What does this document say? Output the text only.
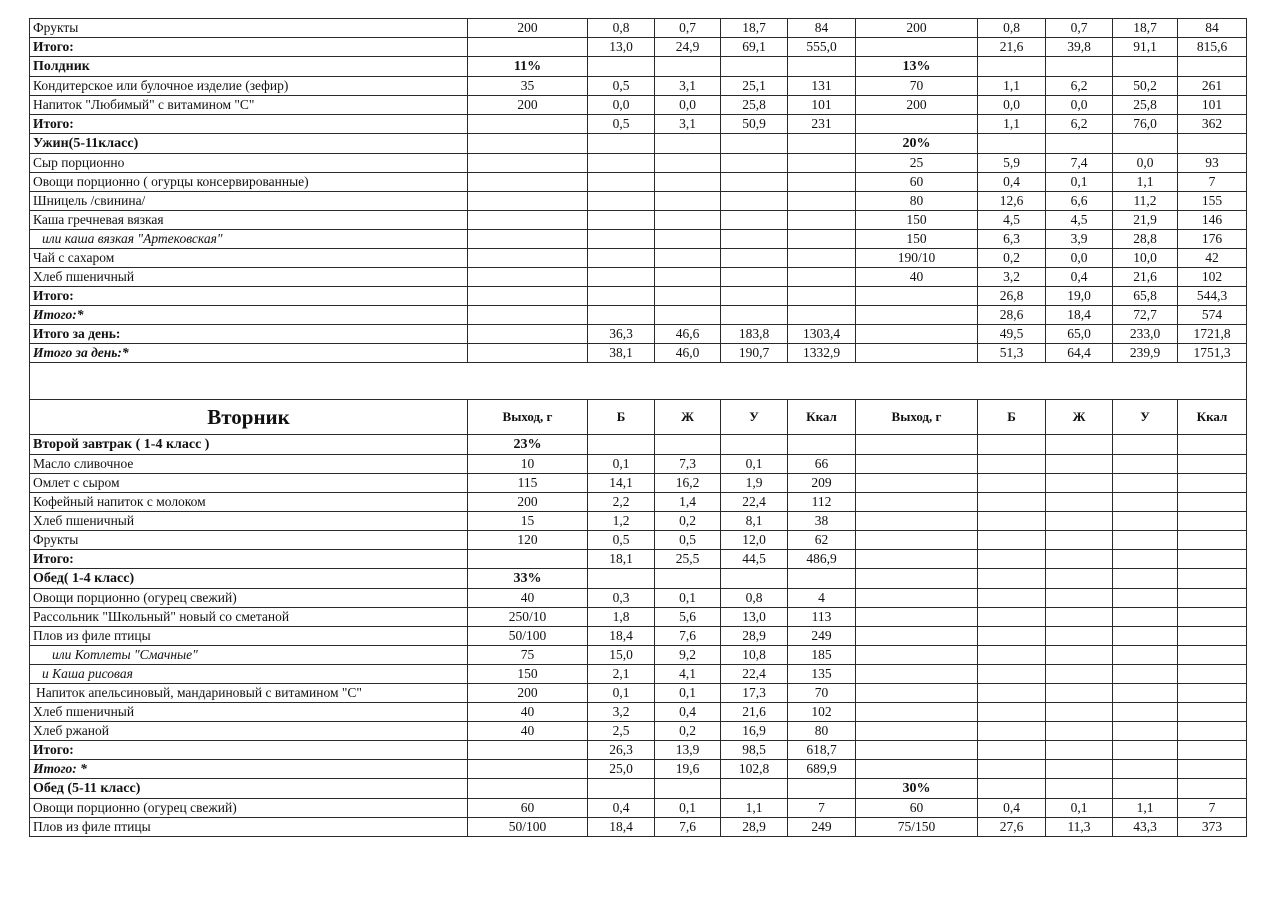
Фрукты	200	0,8	0,7	18,7	84	200	0,8	0,7	18,7	84
Итого:		13,0	24,9	69,1	555,0		21,6	39,8	91,1	815,6
Полдник	11%					13%				
Кондитерское или булочное изделие (зефир)	35	0,5	3,1	25,1	131	70	1,1	6,2	50,2	261
Напиток "Любимый" с витамином "С"	200	0,0	0,0	25,8	101	200	0,0	0,0	25,8	101
Итого:		0,5	3,1	50,9	231		1,1	6,2	76,0	362
Ужин(5-11класс)						20%				
Сыр порционно						25	5,9	7,4	0,0	93
Овощи порционно ( огурцы консервированные)						60	0,4	0,1	1,1	7
Шницель /свинина/						80	12,6	6,6	11,2	155
Каша гречневая вязкая						150	4,5	4,5	21,9	146
или каша вязкая "Артековская"						150	6,3	3,9	28,8	176
Чай с сахаром						190/10	0,2	0,0	10,0	42
Хлеб пшеничный						40	3,2	0,4	21,6	102
Итого:							26,8	19,0	65,8	544,3
Итого:*							28,6	18,4	72,7	574
Итого за день:		36,3	46,6	183,8	1303,4		49,5	65,0	233,0	1721,8
Итого за день:*		38,1	46,0	190,7	1332,9		51,3	64,4	239,9	1751,3

Вторник	Выход, г	Б	Ж	У	Ккал	Выход, г	Б	Ж	У	Ккал
Второй завтрак ( 1-4 класс )	23%									
Масло сливочное	10	0,1	7,3	0,1	66					
Омлет с сыром	115	14,1	16,2	1,9	209					
Кофейный напиток с молоком	200	2,2	1,4	22,4	112					
Хлеб пшеничный	15	1,2	0,2	8,1	38					
Фрукты	120	0,5	0,5	12,0	62					
Итого:		18,1	25,5	44,5	486,9					
Обед( 1-4 класс)	33%									
Овощи порционно (огурец свежий)	40	0,3	0,1	0,8	4					
Рассольник "Школьный" новый со сметаной	250/10	1,8	5,6	13,0	113					
Плов из филе птицы	50/100	18,4	7,6	28,9	249					
или Котлеты "Смачные"	75	15,0	9,2	10,8	185					
и Каша рисовая	150	2,1	4,1	22,4	135					
Напиток апельсиновый, мандариновый с витамином "С"	200	0,1	0,1	17,3	70					
Хлеб пшеничный	40	3,2	0,4	21,6	102					
Хлеб ржаной	40	2,5	0,2	16,9	80					
Итого:		26,3	13,9	98,5	618,7					
Итого: *		25,0	19,6	102,8	689,9					
Обед (5-11 класс)						30%				
Овощи порционно (огурец свежий)	60	0,4	0,1	1,1	7	60	0,4	0,1	1,1	7
Плов из филе птицы	50/100	18,4	7,6	28,9	249	75/150	27,6	11,3	43,3	373
